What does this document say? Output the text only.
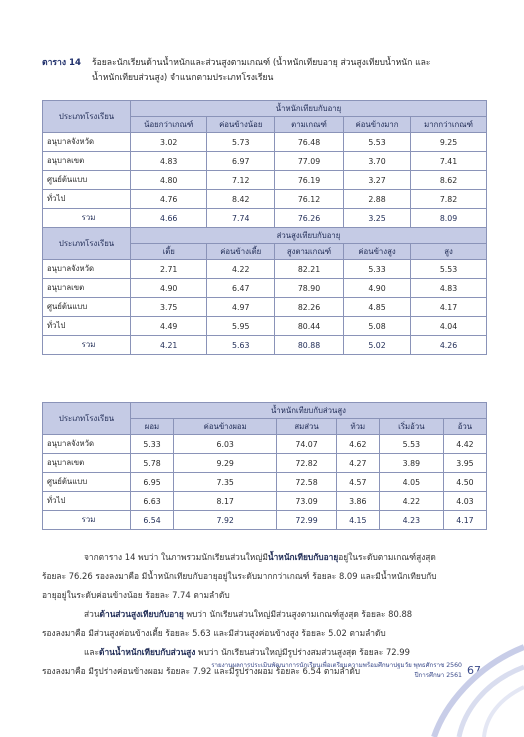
ตาราง 14 ร้อยละนักเรียนด้านน้ำหนักและส่วนสูงตามเกณฑ์ (น้ำหนักเทียบอายุ ส่วนสูงเทียบน้ำหนัก และ
น้ำหนักเทียบส่วนสูง) จำแนกตามประเภทโรงเรียน
ประเภทโรงเรียน	น้ำหนักเทียบกับอายุ				
	น้อยกว่าเกณฑ์	ค่อนข้างน้อย	ตามเกณฑ์	ค่อนข้างมาก	มากกว่าเกณฑ์
อนุบาลจังหวัด	3.02	5.73	76.48	5.53	9.25
อนุบาลเขต	4.83	6.97	77.09	3.70	7.41
ศูนย์ต้นแบบ	4.80	7.12	76.19	3.27	8.62
ทั่วไป	4.76	8.42	76.12	2.88	7.82
รวม	4.66	7.74	76.26	3.25	8.09
ประเภทโรงเรียน	ส่วนสูงเทียบกับอายุ				
	เตี้ย	ค่อนข้างเตี้ย	สูงตามเกณฑ์	ค่อนข้างสูง	สูง
อนุบาลจังหวัด	2.71	4.22	82.21	5.33	5.53
อนุบาลเขต	4.90	6.47	78.90	4.90	4.83
ศูนย์ต้นแบบ	3.75	4.97	82.26	4.85	4.17
ทั่วไป	4.49	5.95	80.44	5.08	4.04
รวม	4.21	5.63	80.88	5.02	4.26
ประเภทโรงเรียน	น้ำหนักเทียบกับส่วนสูง					
	ผอม	ค่อนข้างผอม	สมส่วน	ท้วม	เริ่มอ้วน	อ้วน
อนุบาลจังหวัด	5.33	6.03	74.07	4.62	5.53	4.42
อนุบาลเขต	5.78	9.29	72.82	4.27	3.89	3.95
ศูนย์ต้นแบบ	6.95	7.35	72.58	4.57	4.05	4.50
ทั่วไป	6.63	8.17	73.09	3.86	4.22	4.03
รวม	6.54	7.92	72.99	4.15	4.23	4.17
จากตาราง 14 พบว่า ในภาพรวมนักเรียนส่วนใหญ่มีน้ำหนักเทียบกับอายุอยู่ในระดับตามเกณฑ์สูงสุด
ร้อยละ 76.26 รองลงมาคือ มีน้ำหนักเทียบกับอายุอยู่ในระดับมากกว่าเกณฑ์ ร้อยละ 8.09 และมีน้ำหนักเทียบกับ
อายุอยู่ในระดับค่อนข้างน้อย ร้อยละ 7.74 ตามลำดับ
ส่วนด้านส่วนสูงเทียบกับอายุ พบว่า นักเรียนส่วนใหญ่มีส่วนสูงตามเกณฑ์สูงสุด ร้อยละ 80.88
รองลงมาคือ มีส่วนสูงค่อนข้างเตี้ย ร้อยละ 5.63 และมีส่วนสูงค่อนข้างสูง ร้อยละ 5.02 ตามลำดับ
และด้านน้ำหนักเทียบกับส่วนสูง พบว่า นักเรียนส่วนใหญ่มีรูปร่างสมส่วนสูงสุด ร้อยละ 72.99
รองลงมาคือ มีรูปร่างค่อนข้างผอม ร้อยละ 7.92 และมีรูปร่างผอม ร้อยละ 6.54 ตามลำดับ
รายงานผลการประเมินพัฒนาการนักเรียนเพื่อเตรียมความพร้อมศึกษาปฐมวัย พุทธศักราช 2560
ปีการศึกษา 2561 67
